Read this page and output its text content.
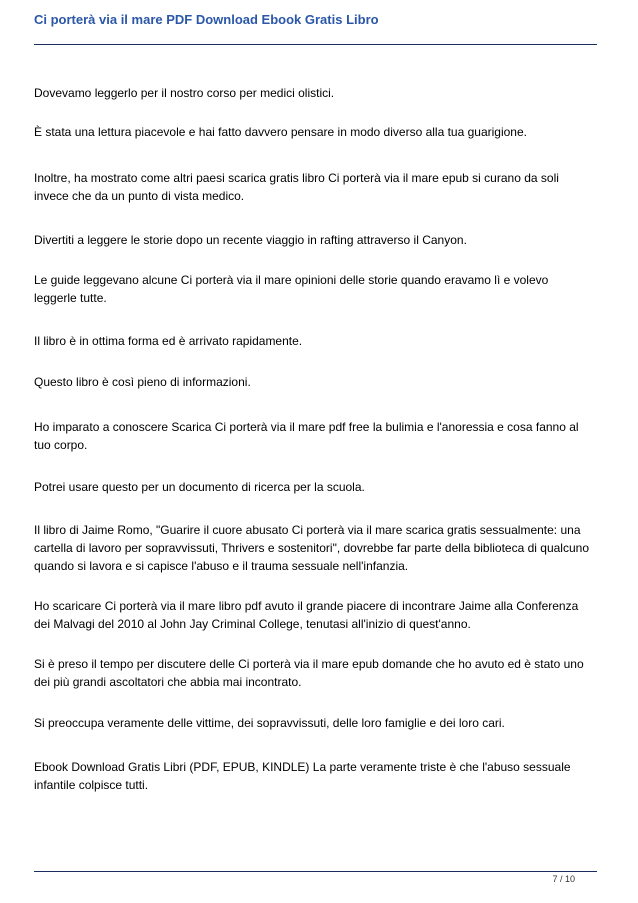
Ci porterà via il mare PDF Download Ebook Gratis Libro

Dovevamo leggerlo per il nostro corso per medici olistici.

È stata una lettura piacevole e hai fatto davvero pensare in modo diverso alla tua guarigione.

Inoltre, ha mostrato come altri paesi scarica gratis libro Ci porterà via il mare epub si curano da soli invece che da un punto di vista medico.

Divertiti a leggere le storie dopo un recente viaggio in rafting attraverso il Canyon.

Le guide leggevano alcune Ci porterà via il mare opinioni delle storie quando eravamo lì e volevo leggerle tutte.

Il libro è in ottima forma ed è arrivato rapidamente.

Questo libro è così pieno di informazioni.

Ho imparato a conoscere Scarica Ci porterà via il mare pdf free la bulimia e l'anoressia e cosa fanno al tuo corpo.

Potrei usare questo per un documento di ricerca per la scuola.

Il libro di Jaime Romo, "Guarire il cuore abusato Ci porterà via il mare scarica gratis sessualmente: una cartella di lavoro per sopravvissuti, Thrivers e sostenitori", dovrebbe far parte della biblioteca di qualcuno quando si lavora e si capisce l'abuso e il trauma sessuale nell'infanzia.

Ho scaricare Ci porterà via il mare libro pdf avuto il grande piacere di incontrare Jaime alla Conferenza dei Malvagi del 2010 al John Jay Criminal College, tenutasi all'inizio di quest'anno.

Si è preso il tempo per discutere delle Ci porterà via il mare epub domande che ho avuto ed è stato uno dei più grandi ascoltatori che abbia mai incontrato.

Si preoccupa veramente delle vittime, dei sopravvissuti, delle loro famiglie e dei loro cari.

Ebook Download Gratis Libri (PDF, EPUB, KINDLE) La parte veramente triste è che l'abuso sessuale infantile colpisce tutti.

7 / 10
